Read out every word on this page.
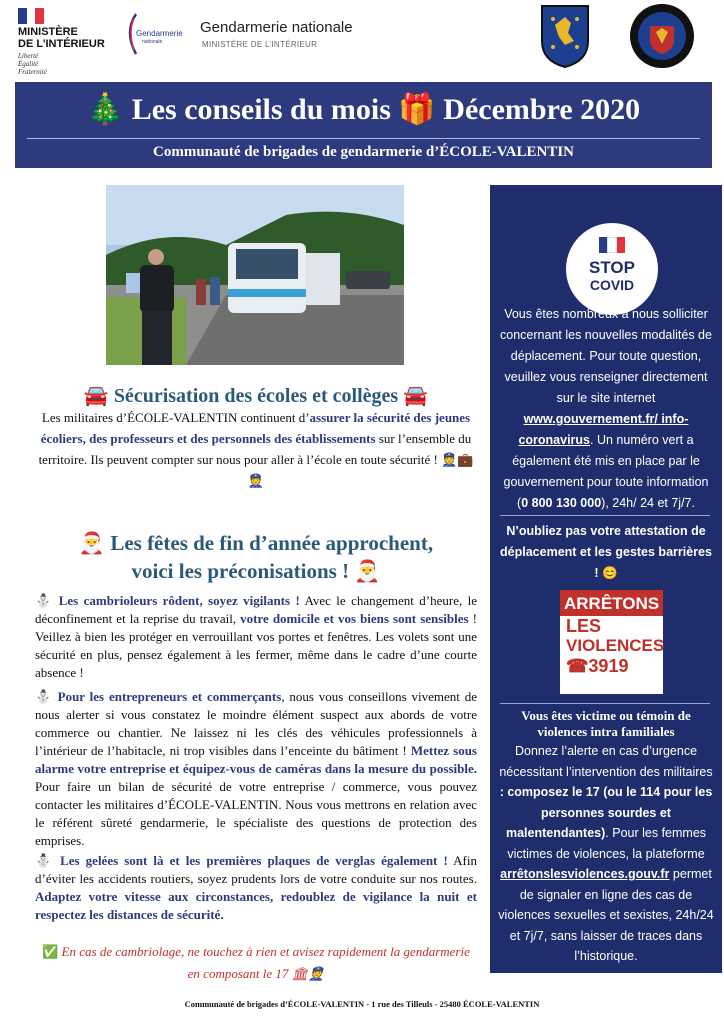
MINISTÈRE
DE L’INTÉRIEUR
Liberté
Égalité
Fraternité
Gendarmerie
nationale
Gendarmerie nationale
MINISTÈRE DE L’INTÉRIEUR
🎄 Les conseils du mois 🎁 Décembre 2020
Communauté de brigades de gendarmerie d’ÉCOLE-VALENTIN
🚘 Sécurisation des écoles et collèges 🚘
Les militaires d’ÉCOLE-VALENTIN continuent d’assurer la sécurité des jeunes écoliers, des professeurs et des personnels des établissements sur l’ensemble du territoire. Ils peuvent compter sur nous pour aller à l’école en toute sécurité ! 👮💼👮
🎅 Les fêtes de fin d’année approchent,
voici les préconisations ! 🎅
⛄ Les cambrioleurs rôdent, soyez vigilants ! Avec le changement d’heure, le déconfinement et la reprise du travail, votre domicile et vos biens sont sensibles ! Veillez à bien les protéger en verrouillant vos portes et fenêtres. Les volets sont une sécurité en plus, pensez également à les fermer, même dans le cadre d’une courte absence !
⛄ Pour les entrepreneurs et commerçants, nous vous conseillons vivement de nous alerter si vous constatez le moindre élément suspect aux abords de votre commerce ou chantier. Ne laissez ni les clés des véhicules professionnels à l’intérieur de l’habitacle, ni trop visibles dans l’enceinte du bâtiment ! Mettez sous alarme votre entreprise et équipez-vous de caméras dans la mesure du possible. Pour faire un bilan de sécurité de votre entreprise / commerce, vous pouvez contacter les militaires d’ÉCOLE-VALENTIN. Nous vous mettrons en relation avec le référent sûreté gendarmerie, le spécialiste des questions de protection des emprises.
⛄ Les gelées sont là et les premières plaques de verglas également ! Afin d’éviter les accidents routiers, soyez prudents lors de votre conduite sur nos routes. Adaptez votre vitesse aux circonstances, redoublez de vigilance la nuit et respectez les distances de sécurité.
✅ En cas de cambriolage, ne touchez à rien et avisez rapidement la gendarmerie en composant le 17 🏛👮
STOP
COVID
Vous êtes nombreux à nous solliciter concernant les nouvelles modalités de déplacement. Pour toute question, veuillez vous renseigner directement sur le site internet www.gouvernement.fr/ info-coronavirus. Un numéro vert a également été mis en place par le gouvernement pour toute information (0 800 130 000), 24h/ 24 et 7j/7.
N’oubliez pas votre attestation de déplacement et les gestes barrières ! 😊
ARRÊTONS
LES
VIOLENCES
☎3919
Vous êtes victime ou témoin de violences intra familiales
Donnez l’alerte en cas d’urgence nécessitant l’intervention des militaires : composez le 17 (ou le 114 pour les personnes sourdes et malentendantes). Pour les femmes victimes de violences, la plateforme arrêtonslesviolences.gouv.fr permet de signaler en ligne des cas de violences sexuelles et sexistes, 24h/24 et 7j/7, sans laisser de traces dans l’historique.
Communauté de brigades d’ÉCOLE-VALENTIN - 1 rue des Tilleuls - 25480 ÉCOLE-VALENTIN
